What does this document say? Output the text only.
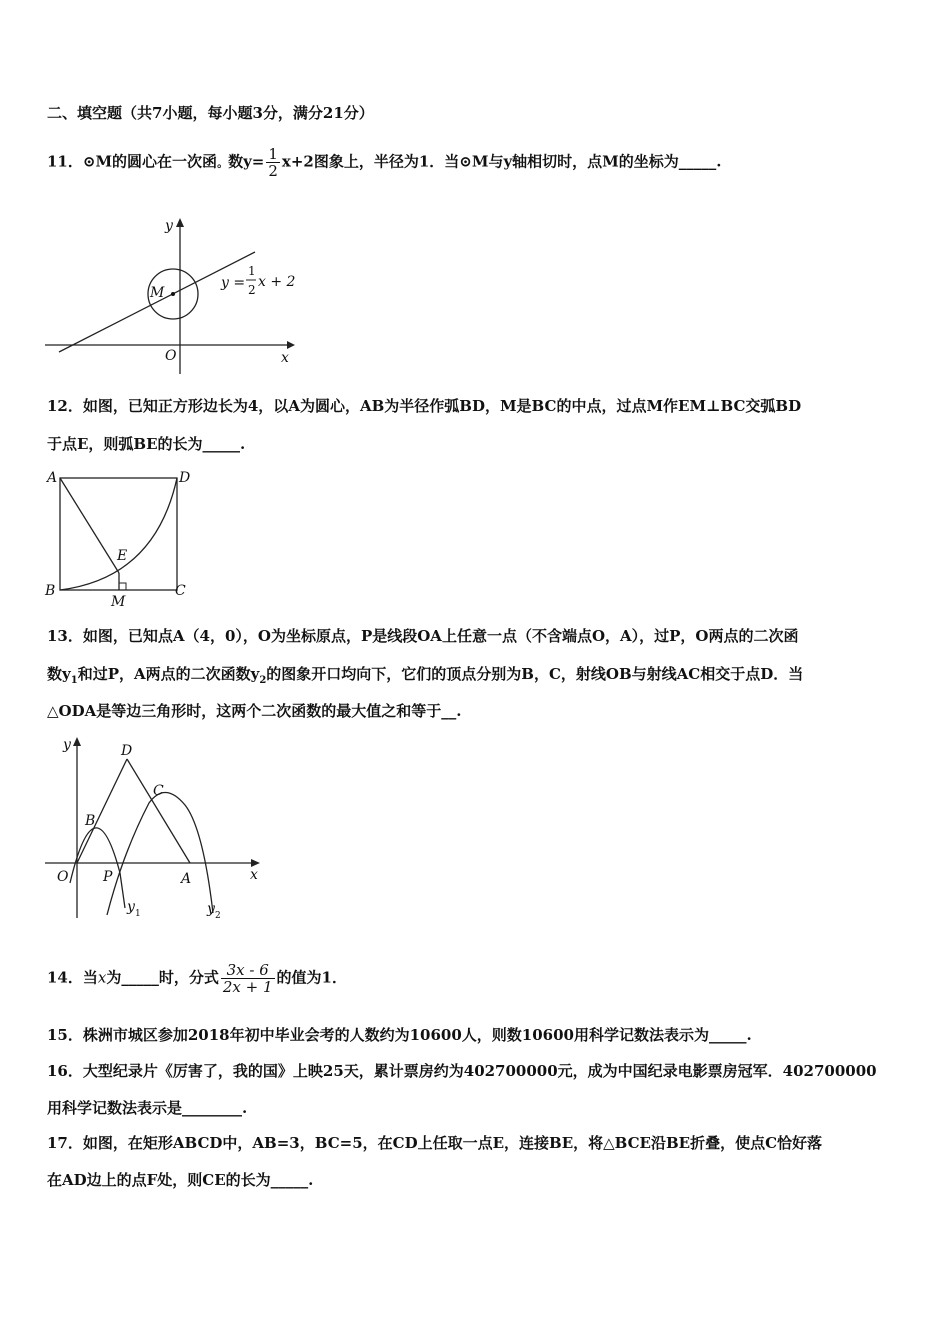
二、填空题（共7小题，每小题3分，满分21分）
11．⊙M的圆心在一次函。数$y= \frac{1}{2} x+2$图象上，半径为1．当⊙M与y轴相切时，点M的坐标为_____.
y
x
O
M
y =
1
2 x + 2
12．如图，已知正方形边长为4，以A为圆心，AB为半径作弧BD，M是BC的中点，过点M作EM⊥BC交弧BD
于点E，则弧BE的长为_____.
A	D
E
B
M
C
13．如图，已知点A（4，0），O为坐标原点，P是线段OA上任意一点（不含端点O，A），过P，O两点的二次函
数$y_1$和过P，A两点的二次函数$y_2$的图象开口均向下，它们的顶点分别为B，C，射线OB与射线AC相交于点D．当
△ODA是等边三角形时，这两个二次函数的最大值之和等于__.
y
x
O P	A
B
C
D
y 1	y 2
14．当x为_____时，分式 $\frac{3x - 6}{2x + 1}$ 的值为1．
15．株洲市城区参加2018年初中毕业会考的人数约为10600人，则数10600用科学记数法表示为_____.
16．大型纪录片《厉害了，我的国》上映25天，累计票房约为402700000元，成为中国纪录电影票房冠军．402700000
用科学记数法表示是________.
17．如图，在矩形ABCD中，AB=3，BC=5，在CD上任取一点E，连接BE，将△BCE沿BE折叠，使点C恰好落
在AD边上的点F处，则CE的长为_____.
